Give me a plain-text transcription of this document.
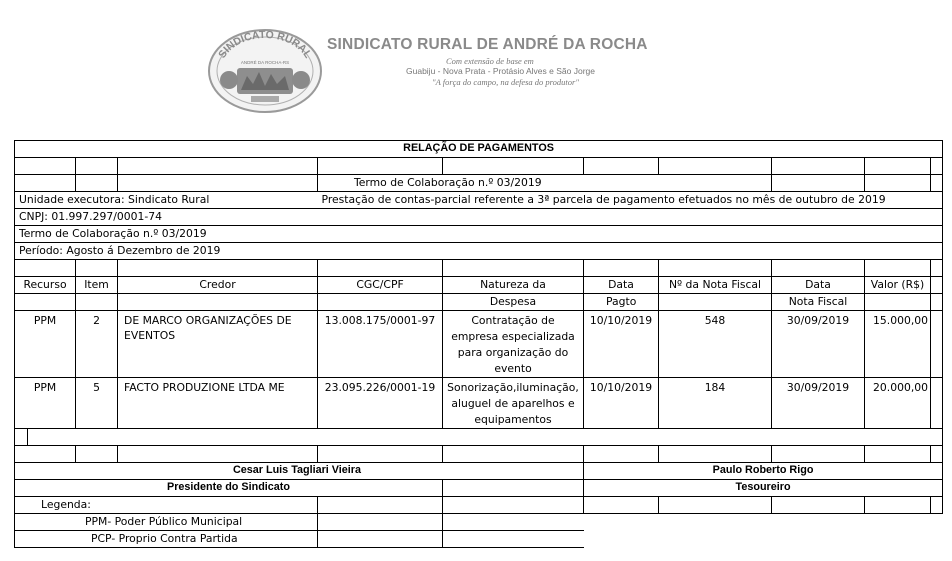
SINDICATO RURAL
ANDRÉ DA ROCHA-RS
SINDICATO RURAL DE ANDRÉ DA ROCHA
Com extensão de base em
Guabiju - Nova Prata - Protásio Alves e São Jorge
"A força do campo, na defesa do produtor"
RELAÇÃO DE PAGAMENTOS									

			Termo de Colaboração n.º 03/2019						
Unidade executora: Sindicato Rural			Prestação de contas-parcial referente a 3ª parcela de pagamento efetuados no mês de outubro de 2019						
CNPJ: 01.997.297/0001-74									
Termo de Colaboração n.º 03/2019									
Período: Agosto á Dezembro de 2019									

Recurso	Item	Credor	CGC/CPF	Natureza da	Data	Nº da Nota Fiscal	Data	Valor (R$)	
				Despesa	Pagto		Nota Fiscal		
PPM	2	DE MARCO ORGANIZAÇÕES DE EVENTOS	13.008.175/0001-97	Contratação de empresa especializada para organização do evento	10/10/2019	548	30/09/2019	15.000,00	
PPM	5	FACTO PRODUZIONE LTDA ME	23.095.226/0001-19	Sonorização,iluminação, aluguel de aparelhos e equipamentos	10/10/2019	184	30/09/2019	20.000,00	

Cesar Luis Tagliari Vieira					Paulo Roberto Rigo				
Presidente do Sindicato					Tesoureiro				
Legenda:									
PPM- Poder Público Municipal									
PCP- Proprio Contra Partida									
